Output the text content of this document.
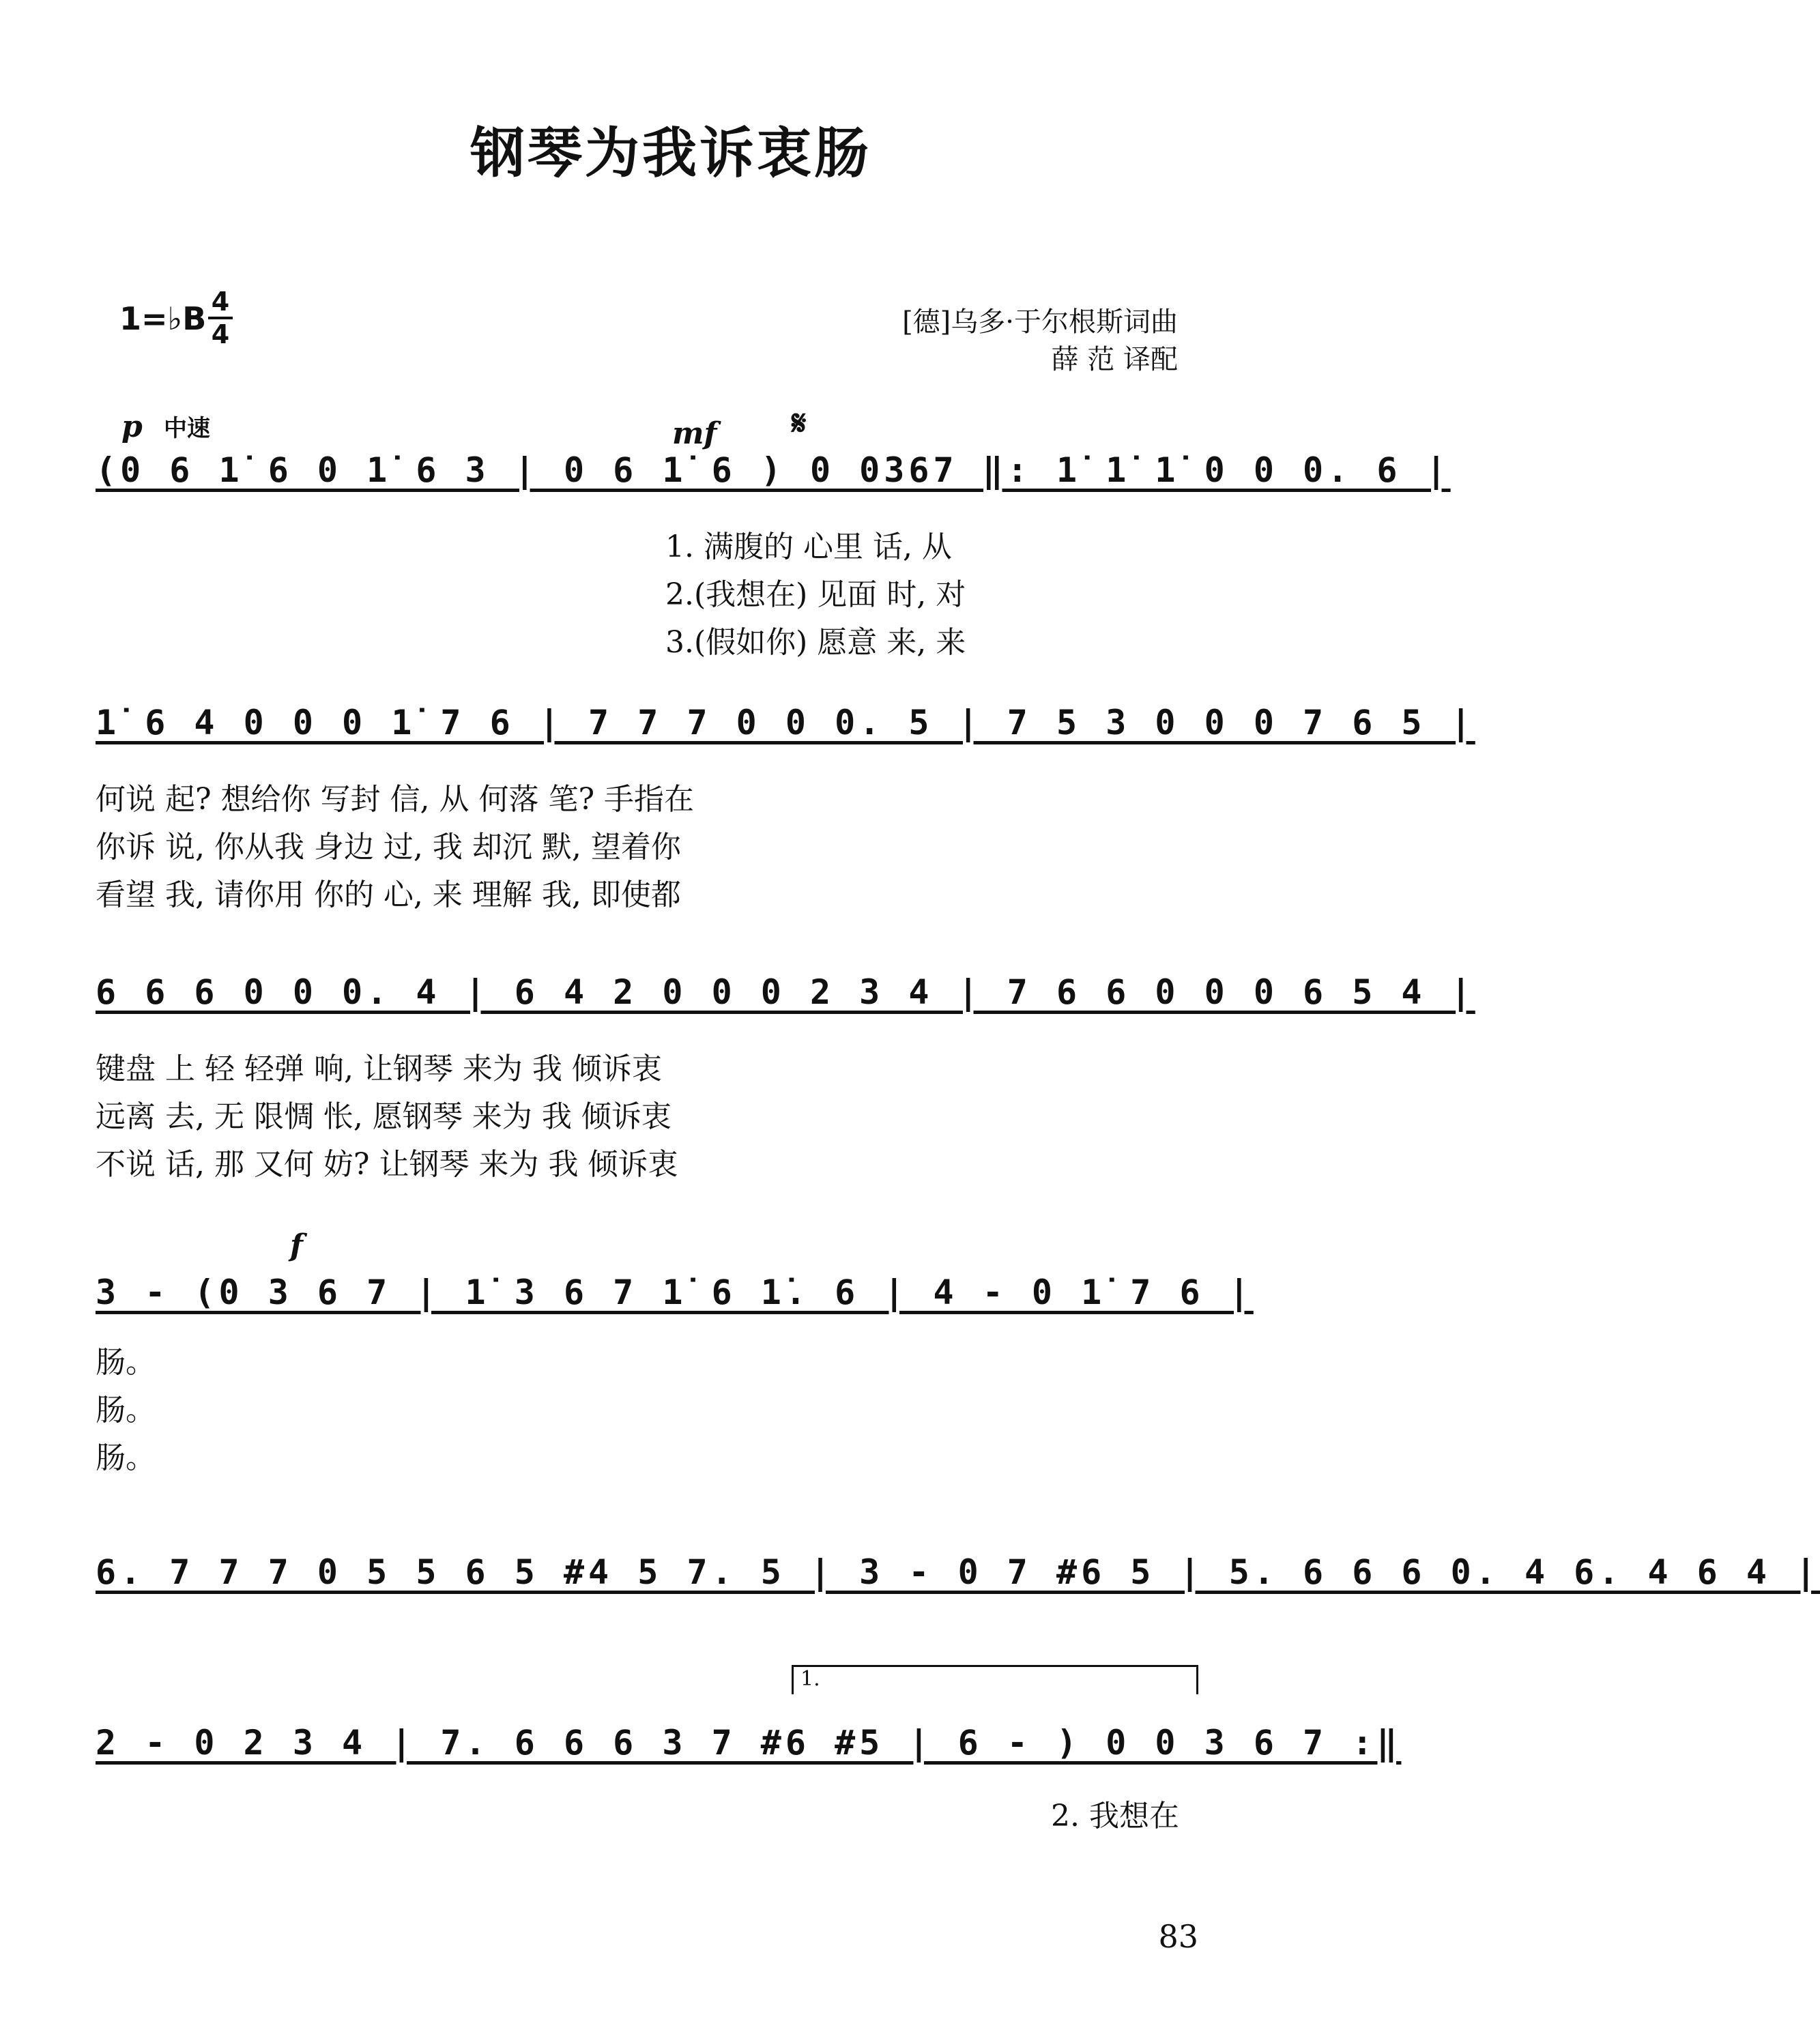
钢琴为我诉衷肠
1=♭B 4
4	[德]乌多·于尔根斯词曲
薛 范 译配
p 中速	mf 𝄋
(0 6 1̇ 6 0 1̇ 6 3 | 0 6 1̇ 6 ) 0 0367 ‖: 1̇ 1̇ 1̇ 0 0 0. 6 |
1. 满腹的 心里 话, 从
2.(我想在) 见面 时, 对
3.(假如你) 愿意 来, 来
1̇ 6 4 0 0 0 1̇ 7 6 | 7 7 7 0 0 0. 5 | 7 5 3 0 0 0 7 6 5 |
何说 起? 想给你 写封 信, 从 何落 笔? 手指在
你诉 说, 你从我 身边 过, 我 却沉 默, 望着你
看望 我, 请你用 你的 心, 来 理解 我, 即使都
6 6 6 0 0 0. 4 | 6 4 2 0 0 0 2 3 4 | 7 6 6 0 0 0 6 5 4 |
键盘 上 轻 轻弹 响, 让钢琴 来为 我 倾诉衷
远离 去, 无 限惆 怅, 愿钢琴 来为 我 倾诉衷
不说 话, 那 又何 妨? 让钢琴 来为 我 倾诉衷
f
3 - (0 3 6 7 | 1̇ 3 6 7 1̇ 6 1̇. 6 | 4 - 0 1̇ 7 6 |
肠。
肠。
肠。
6. 7 7 7 0 5 5 6 5 #4 5 7. 5 | 3 - 0 7 #6 5 | 5. 6 6 6 0. 4 6. 4 6 4 |
1.
2 - 0 2 3 4 | 7. 6 6 6 3 7 #6 #5 | 6 - ) 0 0 3 6 7 :‖
2. 我想在
83
